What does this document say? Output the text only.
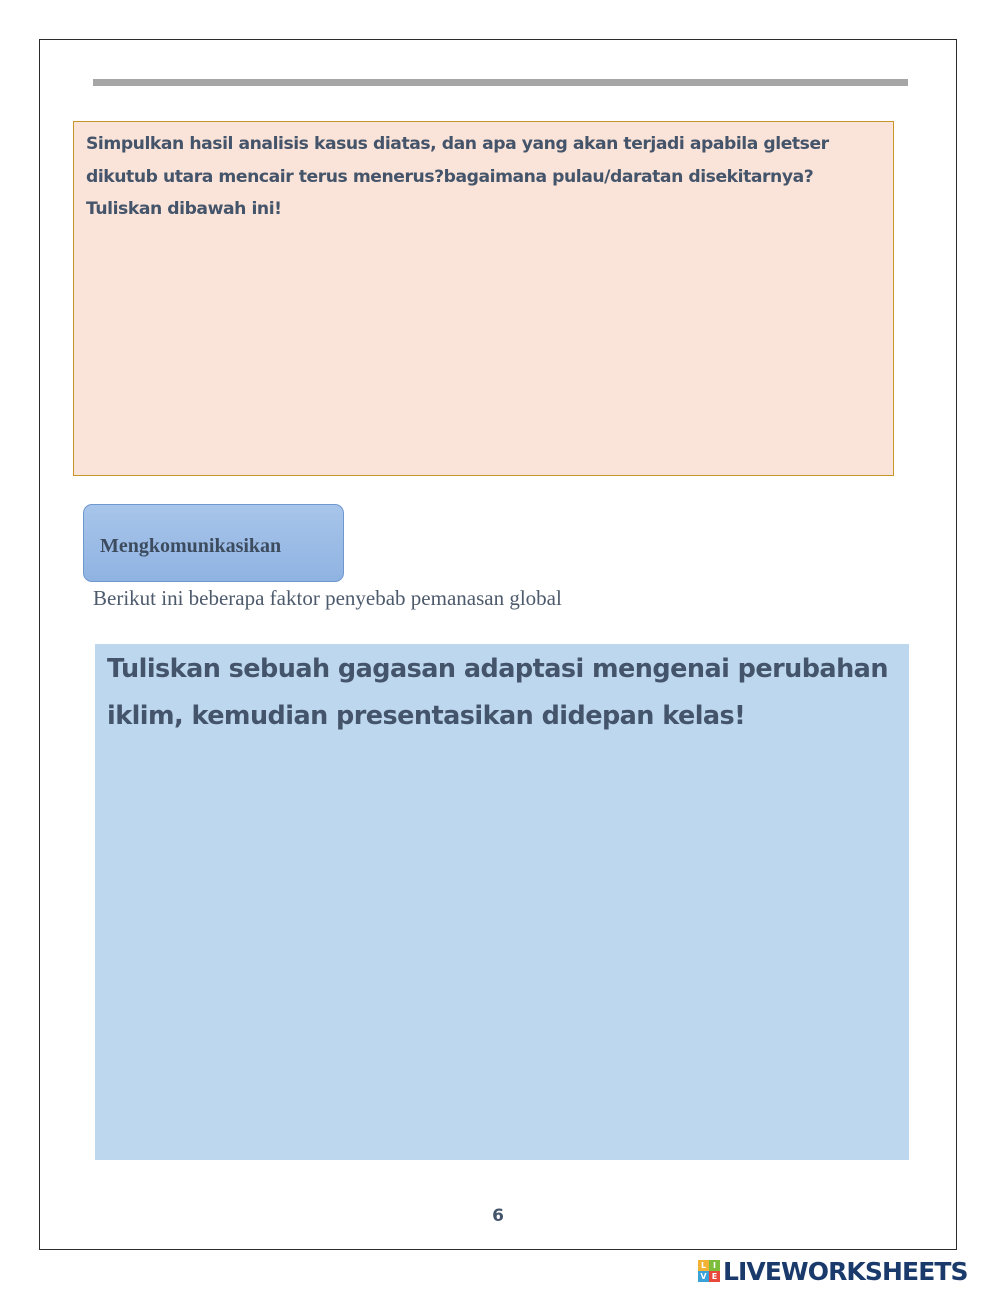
Simpulkan hasil analisis kasus diatas, dan apa yang akan terjadi apabila gletser
dikutub utara mencair terus menerus?bagaimana pulau/daratan disekitarnya?
Tuliskan dibawah ini!
Mengkomunikasikan
Berikut ini beberapa faktor penyebab pemanasan global
Tuliskan sebuah gagasan adaptasi mengenai perubahan
iklim, kemudian presentasikan didepan kelas!
6
L I
V E LIVEWORKSHEETS
